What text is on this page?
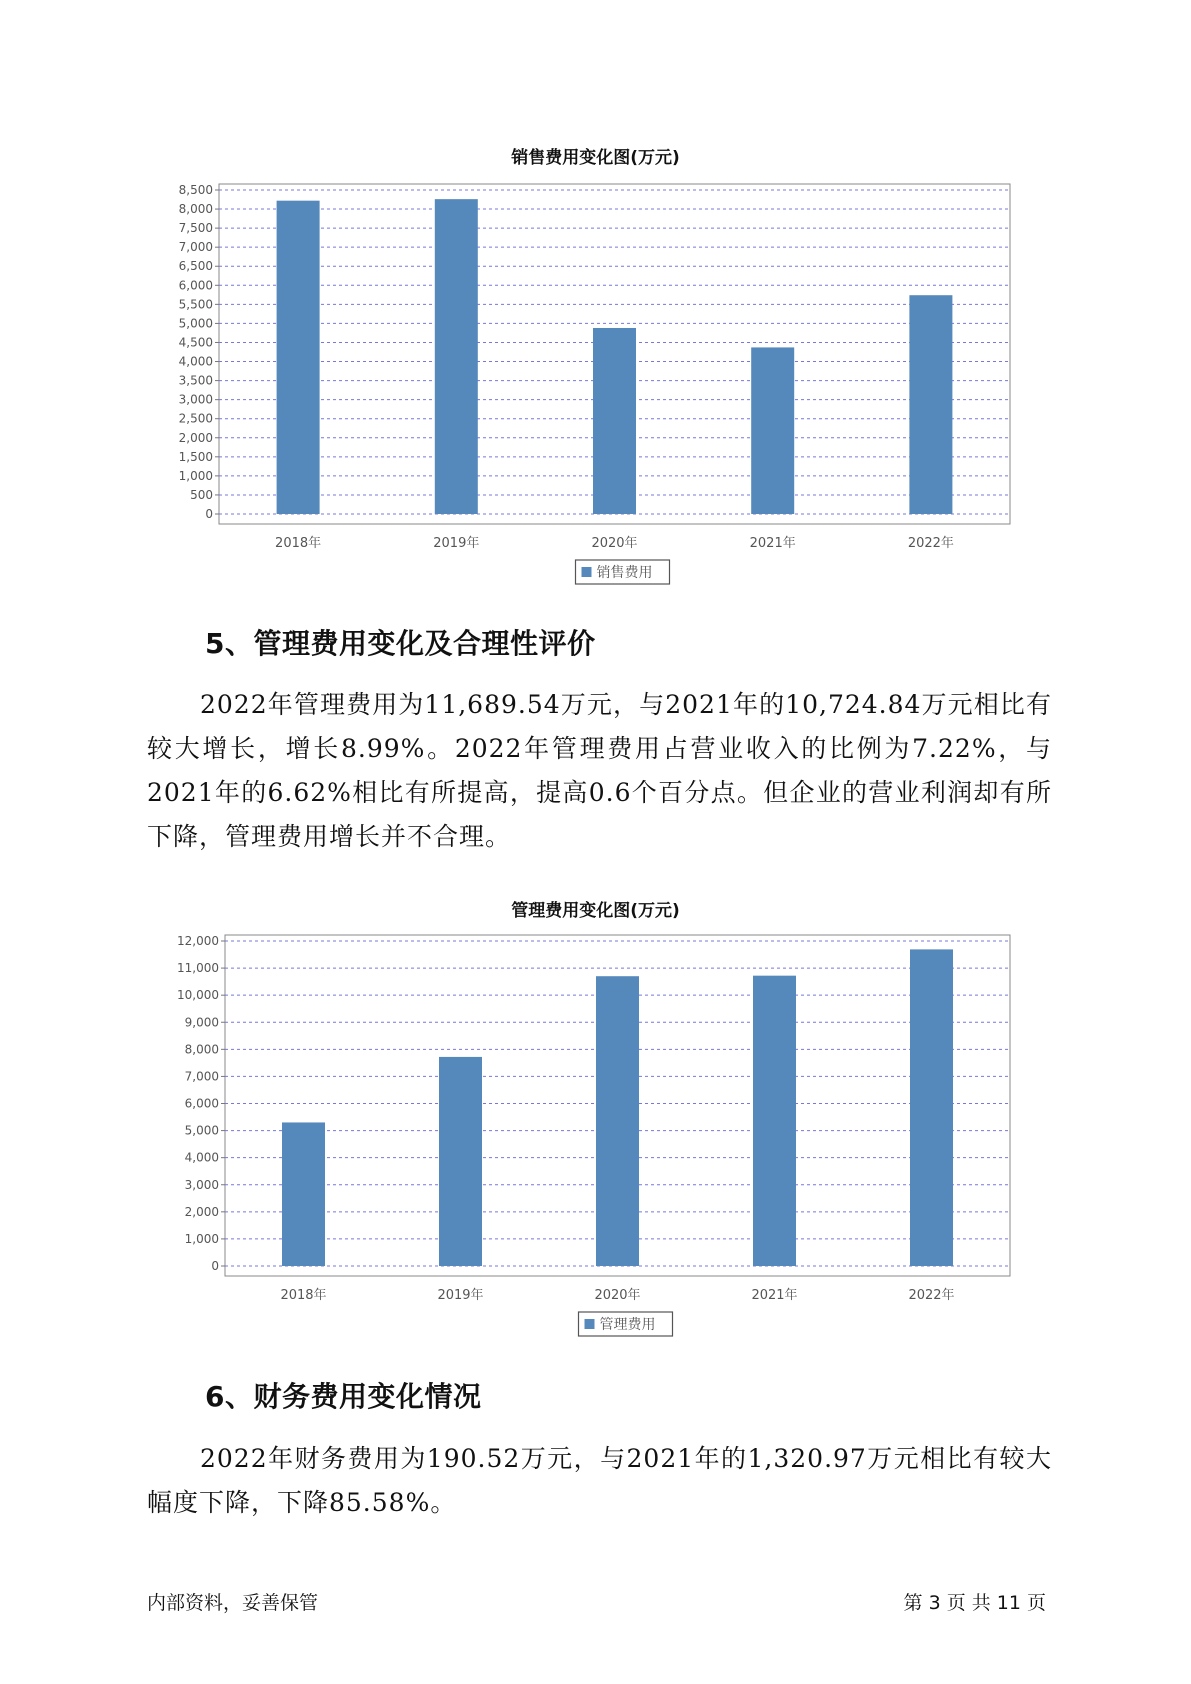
销售费用变化图(万元)
0
500
1,000
1,500
2,000
2,500
3,000
3,500
4,000
4,500
5,000
5,500
6,000
6,500
7,000
7,500
8,000
8,500
2018年	2019年	2020年	2021年	2022年
销售费用
5、管理费用变化及合理性评价

2022年管理费用为11,689.54万元，与2021年的10,724.84万元相比有较大增长，增长8.99%。2022年管理费用占营业收入的比例为7.22%，与2021年的6.62%相比有所提高，提高0.6个百分点。但企业的营业利润却有所下降，管理费用增长并不合理。

管理费用变化图(万元)
0
1,000
2,000
3,000
4,000
5,000
6,000
7,000
8,000
9,000
10,000
11,000
12,000
2018年	2019年	2020年	2021年	2022年
管理费用
6、财务费用变化情况

2022年财务费用为190.52万元，与2021年的1,320.97万元相比有较大幅度下降，下降85.58%。

内部资料，妥善保管	第 3 页 共 11 页
